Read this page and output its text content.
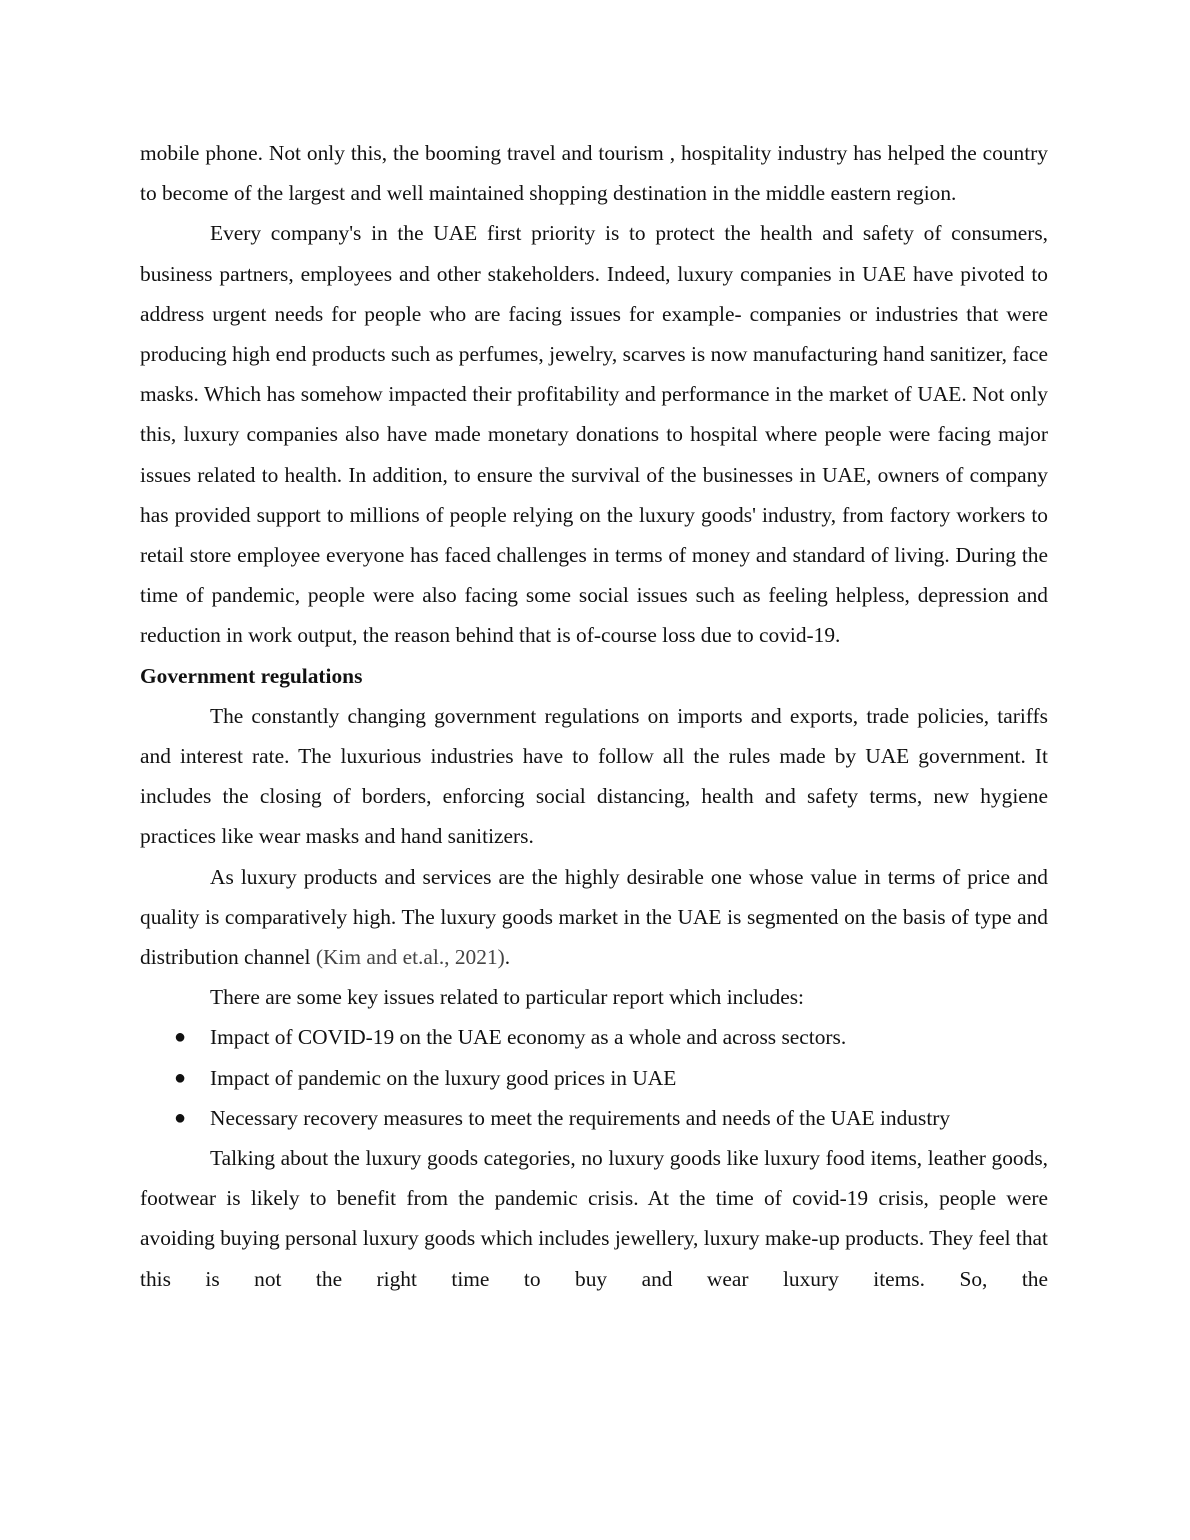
mobile phone. Not only this, the booming travel and tourism , hospitality industry has helped the country to become of the largest and well maintained shopping destination in the middle eastern region.

Every company's in the UAE first priority is to protect the health and safety of consumers, business partners, employees and other stakeholders. Indeed, luxury companies in UAE have pivoted to address urgent needs for people who are facing issues for example- companies or industries that were producing high end products such as perfumes, jewelry, scarves is now manufacturing hand sanitizer, face masks. Which has somehow impacted their profitability and performance in the market of UAE. Not only this, luxury companies also have made monetary donations to hospital where people were facing major issues related to health. In addition, to ensure the survival of the businesses in UAE, owners of company has provided support to millions of people relying on the luxury goods' industry, from factory workers to retail store employee everyone has faced challenges in terms of money and standard of living. During the time of pandemic, people were also facing some social issues such as feeling helpless, depression and reduction in work output, the reason behind that is of-course loss due to covid-19.

Government regulations

The constantly changing government regulations on imports and exports, trade policies, tariffs and interest rate. The luxurious industries have to follow all the rules made by UAE government. It includes the closing of borders, enforcing social distancing, health and safety terms, new hygiene practices like wear masks and hand sanitizers.

As luxury products and services are the highly desirable one whose value in terms of price and quality is comparatively high. The luxury goods market in the UAE is segmented on the basis of type and distribution channel (Kim and et.al., 2021).

There are some key issues related to particular report which includes:

● Impact of COVID-19 on the UAE economy as a whole and across sectors.
● Impact of pandemic on the luxury good prices in UAE
● Necessary recovery measures to meet the requirements and needs of the UAE industry

Talking about the luxury goods categories, no luxury goods like luxury food items, leather goods, footwear is likely to benefit from the pandemic crisis. At the time of covid-19 crisis, people were avoiding buying personal luxury goods which includes jewellery, luxury make-up products. They feel that this is not the right time to buy and wear luxury items. So, the
